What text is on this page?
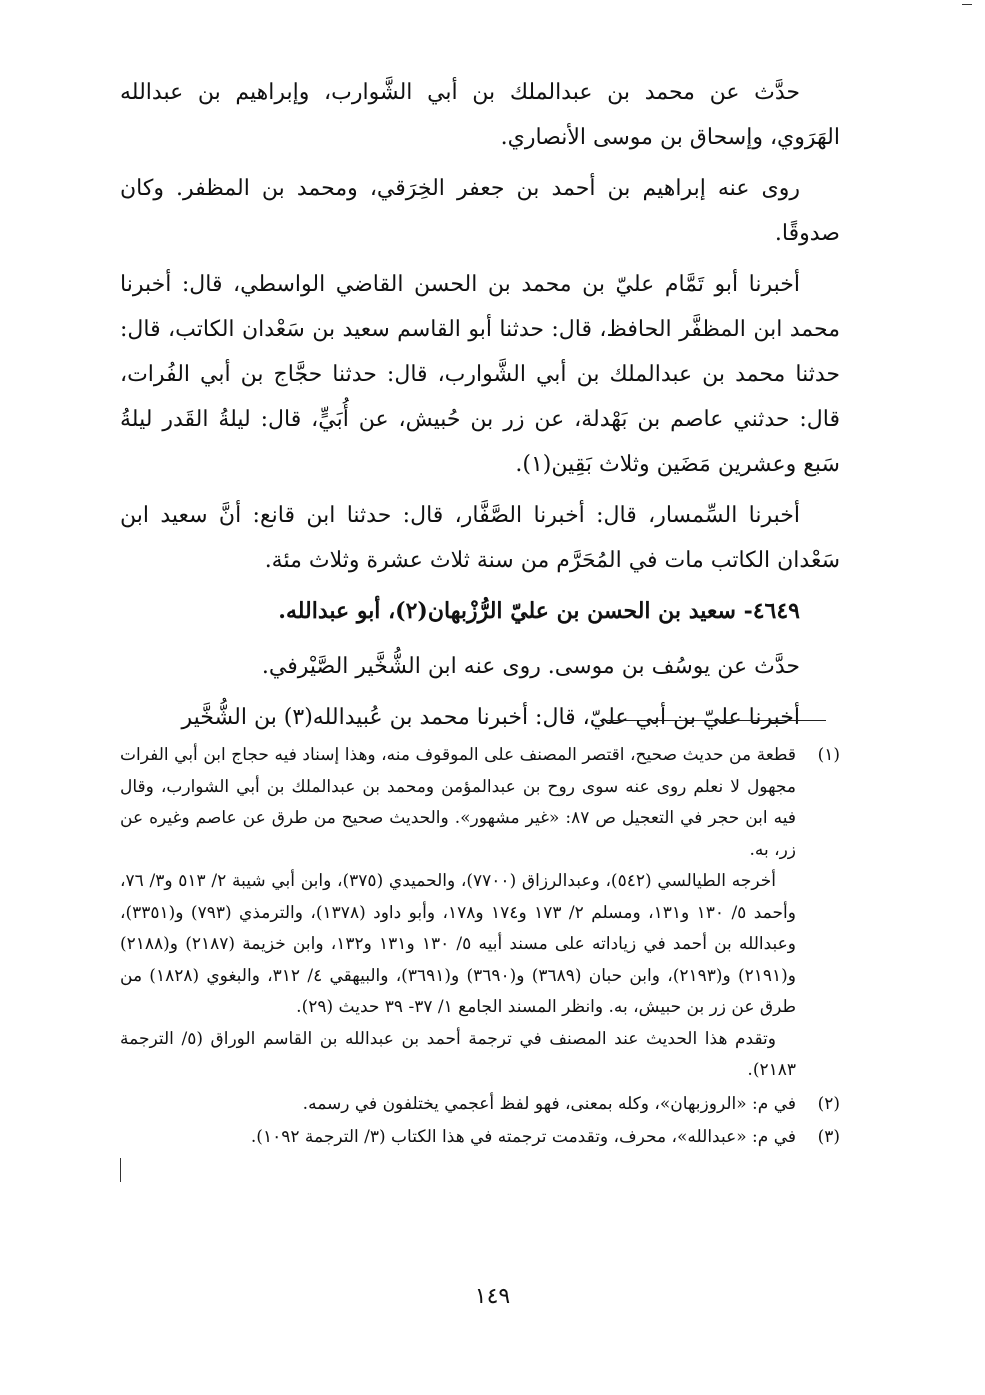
حدَّث عن محمد بن عبدالملك بن أبي الشَّوارب، وإبراهيم بن عبدالله الهَرَوي، وإسحاق بن موسى الأنصاري.

روى عنه إبراهيم بن أحمد بن جعفر الخِرَقي، ومحمد بن المظفر. وكان صدوقًا.

أخبرنا أبو تَمَّام عليّ بن محمد بن الحسن القاضي الواسطي، قال: أخبرنا محمد ابن المظفَّر الحافظ، قال: حدثنا أبو القاسم سعيد بن سَعْدان الكاتب، قال: حدثنا محمد بن عبدالملك بن أبي الشَّوارب، قال: حدثنا حجَّاج بن أبي الفُرات، قال: حدثني عاصم بن بَهْدلة، عن زر بن حُبيش، عن أُبَيٍّ، قال: ليلةُ القَدر ليلةُ سَبع وعشرين مَضَين وثلاث بَقِين(١).

أخبرنا السِّمسار، قال: أخبرنا الصَّفَّار، قال: حدثنا ابن قانع: أنَّ سعيد ابن سَعْدان الكاتب مات في المُحَرَّم من سنة ثلاث عشرة وثلاث مئة.

٤٦٤٩- سعيد بن الحسن بن عليّ الرُّزْبهان(٢)، أبو عبدالله.

حدَّث عن يوسُف بن موسى. روى عنه ابن الشُّخَّير الصَّيْرفي.

أخبرنا عليّ بن أبي عليّ، قال: أخبرنا محمد بن عُبيدالله(٣) بن الشُّخَّير

(١)

قطعة من حديث صحيح، اقتصر المصنف على الموقوف منه، وهذا إسناد فيه حجاج ابن أبي الفرات مجهول لا نعلم روى عنه سوى روح بن عبدالمؤمن ومحمد بن عبدالملك بن أبي الشوارب، وقال فيه ابن حجر في التعجيل ص ٨٧: «غير مشهور». والحديث صحيح من طرق عن عاصم وغيره عن زر، به.

أخرجه الطيالسي (٥٤٢)، وعبدالرزاق (٧٧٠٠)، والحميدي (٣٧٥)، وابن أبي شيبة ٢/ ٥١٣ و٣/ ٧٦، وأحمد ٥/ ١٣٠ و١٣١، ومسلم ٢/ ١٧٣ و١٧٤ و١٧٨، وأبو داود (١٣٧٨)، والترمذي (٧٩٣) و(٣٣٥١)، وعبدالله بن أحمد في زياداته على مسند أبيه ٥/ ١٣٠ و١٣١ و١٣٢، وابن خزيمة (٢١٨٧) و(٢١٨٨) و(٢١٩١) و(٢١٩٣)، وابن حبان (٣٦٨٩) و(٣٦٩٠) و(٣٦٩١)، والبيهقي ٤/ ٣١٢، والبغوي (١٨٢٨) من طرق عن زر بن حبيش، به. وانظر المسند الجامع ١/ ٣٧- ٣٩ حديث (٢٩).

وتقدم هذا الحديث عند المصنف في ترجمة أحمد بن عبدالله بن القاسم الوراق (٥/ الترجمة ٢١٨٣).

(٢)

في م: «الروزبهان»، وكله بمعنى، فهو لفظ أعجمي يختلفون في رسمه.

(٣)

في م: «عبدالله»، محرف، وتقدمت ترجمته في هذا الكتاب (٣/ الترجمة ١٠٩٢).

١٤٩
